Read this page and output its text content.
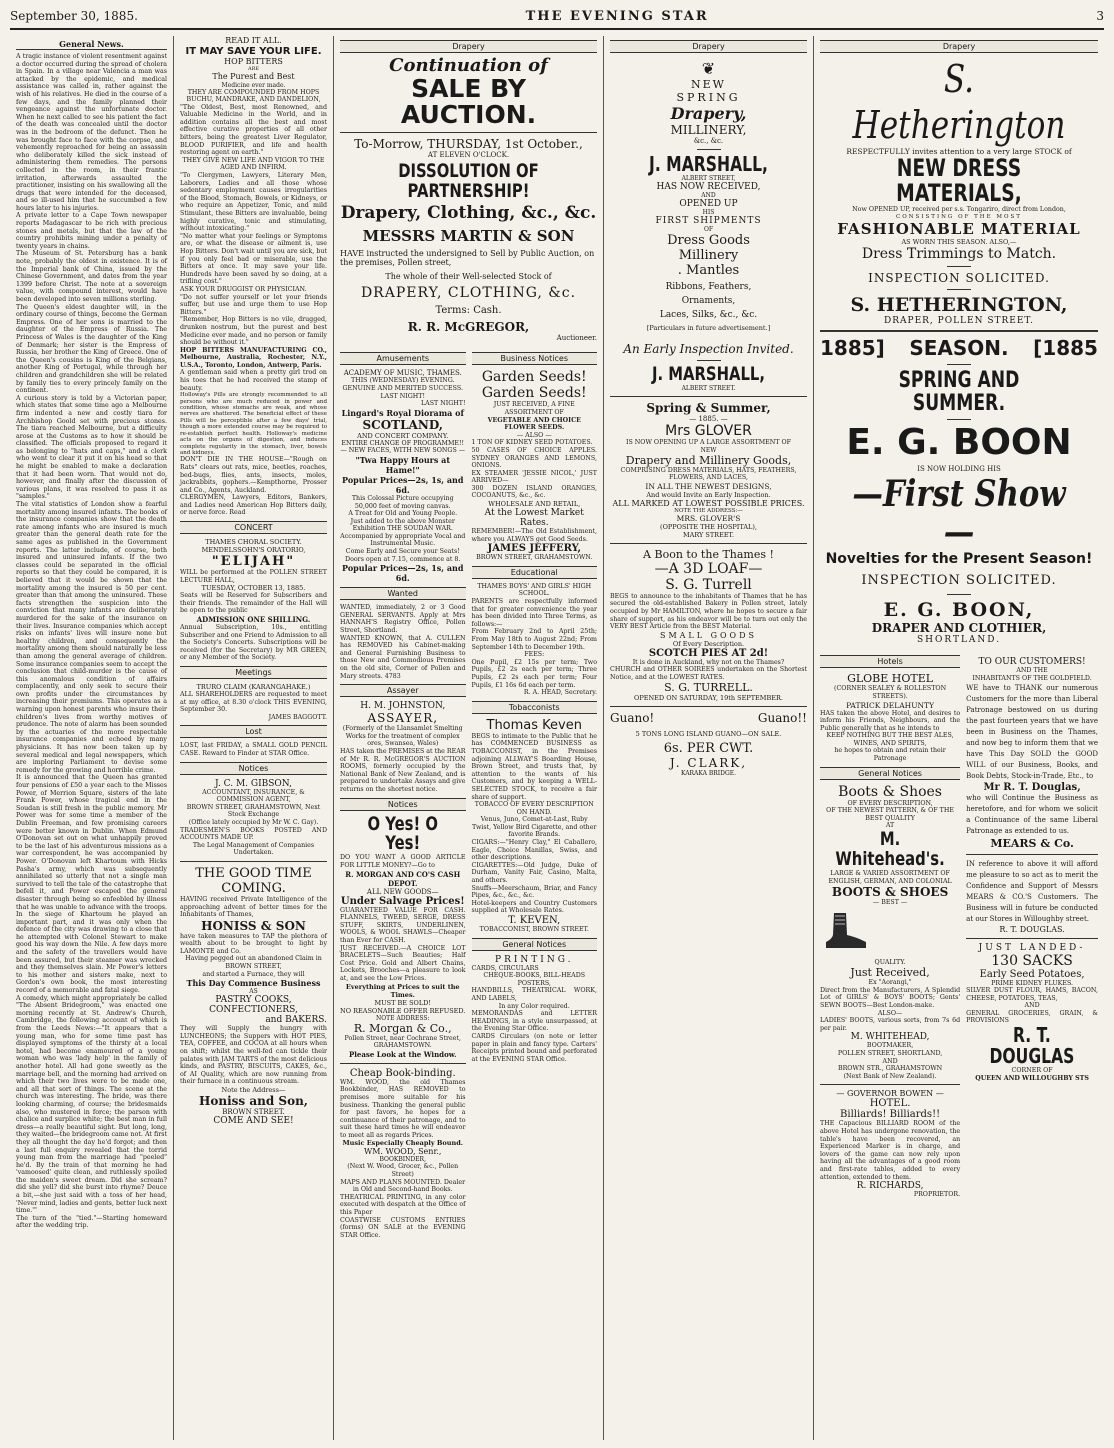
September 30, 1885.	THE EVENING STAR	3
General News.

A tragic instance of violent resentment against a doctor occurred during the spread of cholera in Spain. In a village near Valencia a man was attacked by the epidemic, and medical assistance was called in, rather against the wish of his relatives. He died in the course of a few days, and the family planned their vengeance against the unfortunate doctor. When he next called to see his patient the fact of the death was concealed until the doctor was in the bedroom of the defunct. Then he was brought face to face with the corpse, and vehemently reproached for being an assassin who deliberately killed the sick instead of administering them remedies. The persons collected in the room, in their frantic irritation, afterwards assaulted the practitioner, insisting on his swallowing all the drugs that were intended for the deceased, and so ill-used him that he succumbed a few hours later to his injuries.

A private letter to a Cape Town newspaper reports Madagascar to be rich with precious stones and metals, but that the law of the country prohibits mining under a penalty of twenty years in chains.

The Museum of St. Petersburg has a bank note, probably the oldest in existence. It is of the Imperial bank of China, issued by the Chinese Government, and dates from the year 1399 before Christ. The note at a sovereign value, with compound interest, would have been developed into seven millions sterling.

The Queen's eldest daughter will, in the ordinary course of things, become the German Empress. One of her sons is married to the daughter of the Empress of Russia. The Princess of Wales is the daughter of the King of Denmark; her sister is the Empress of Russia, her brother the King of Greece. One of the Queen's cousins is King of the Belgians, another King of Portugal, while through her children and grandchildren she will be related by family ties to every princely family on the continent.

A curious story is told by a Victorian paper, which states that some time ago a Melbourne firm indented a new and costly tiara for Archbishop Goold set with precious stones. The tiara reached Melbourne, but a difficulty arose at the Customs as to how it should be classified. The officials proposed to regard it as belonging to "hats and caps," and a clerk who went to clear it put it on his head so that he might be enabled to make a declaration that it had been worn. That would not do, however, and finally after the discussion of various plans, it was resolved to pass it as "samples."

The vital statistics of London show a fearful mortality among insured infants. The books of the insurance companies show that the death rate among infants who are insured is much greater than the general death rate for the same ages as published in the Government reports. The latter include, of course, both insured and uninsured infants. If the two classes could be separated in the official reports so that they could be compared, it is believed that it would be shown that the mortality among the insured is 50 per cent. greater than that among the uninsured. These facts strengthen the suspicion into the conviction that many infants are deliberately murdered for the sake of the insurance on their lives. Insurance companies which accept risks on infants' lives will insure none but healthy children, and consequently the mortality among them should naturally be less than among the general average of children. Some insurance companies seem to accept the conclusion that child-murder is the cause of this anomalous condition of affairs complacently, and only seek to secure their own profits under the circumstances by increasing their premiums. This operates as a warning upon honest parents who insure their children's lives from worthy motives of prudence. The note of alarm has been sounded by the actuaries of the more respectable insurance companies and echoed by many physicians. It has now been taken up by several medical and legal newspapers, which are imploring Parliament to devise some remedy for the growing and horrible crime.

It is announced that the Queen has granted four pensions of £50 a year each to the Misses Power, of Merrion Square, sisters of the late Frank Power, whose tragical end in the Soudan is still fresh in the public memory. Mr Power was for some time a member of the Dublin Freeman, and few promising careers were better known in Dublin. When Edmund O'Donovan set out on what unhappily proved to be the last of his adventurous missions as a war correspondent, he was accompanied by Power. O'Donovan left Khartoum with Hicks Pasha's army, which was subsequently annihilated so utterly that not a single man survived to tell the tale of the catastrophe that befell it, and Power escaped the general disaster through being so enfeebled by illness that he was unable to advance with the troops. In the siege of Khartoum he played an important part, and it was only when the defence of the city was drawing to a close that he attempted with Colonel Stewart to make good his way down the Nile. A few days more and the safety of the travellers would have been assured, but their steamer was wrecked and they themselves slain. Mr Power's letters to his mother and sisters make, next to Gordon's own book, the most interesting record of a memorable and fatal siege.

A comedy, which might appropriately be called "The Absent Bridegroom," was enacted one morning recently at St. Andrew's Church, Cambridge, the following account of which is from the Leeds News:—"It appears that a young man, who for some time past has displayed symptoms of the thirsty at a local hotel, had become enamoured of a young woman who was 'lady help' in the family of another hotel. All had gone sweetly as the marriage bell, and the morning had arrived on which their two lives were to be made one, and all that sort of things. The scene at the church was interesting. The bride, was there looking charming, of course; the bridesmaids also, who mustered in force; the parson with chalice and surplice white; the best man in full dress—a really beautiful sight. But long, long, they waited—the bridegroom came not. At first they all thought the day he'd forgot; and then a last full enquiry revealed that the torrid young man from the marriage had "peeled" he'd. By the train of that morning he had 'vamoosed' quite clean, and ruthlessly spoiled the maiden's sweet dream. Did she scream? did she yell? did she burst into rhyme? Deuce a bit,—she just said with a toss of her head, 'Never mind, ladies and gents, better luck next time.'"

The turn of the "tied."—Starting homeward after the wedding trip.

READ IT ALL.
IT MAY SAVE YOUR LIFE.
HOP BITTERS
ARE
The Purest and Best
Medicine ever made.

THEY ARE COMPOUNDED FROM HOPS BUCHU, MANDRAKE, AND DANDELION,

"The Oldest, Best, most Renowned, and Valuable Medicine in the World, and in addition contains all the best and most effective curative properties of all other bitters, being the greatest Liver Regulator, BLOOD PURIFIER, and life and health restoring agent on earth."

THEY GIVE NEW LIFE AND VIGOR TO THE AGED AND INFIRM.

"To Clergymen, Lawyers, Literary Men, Laborers, Ladies and all those whose sedentary employment causes irregularities of the Blood, Stomach, Bowels, or Kidneys, or who require an Appetizer, Tonic, and mild Stimulant, these Bitters are invaluable, being highly curative, tonic and stimulating, without intoxicating."

"No matter what your feelings or Symptoms are, or what the disease or ailment is, use Hop Bitters. Don't wait until you are sick, but if you only feel bad or miserable, use the Bitters at once. It may save your life. Hundreds have been saved by so doing, at a trifling cost."

ASK YOUR DRUGGIST OR PHYSICIAN.

"Do not suffer yourself or let your friends suffer, but use and urge them to use Hop Bitters."

"Remember, Hop Bitters is no vile, drugged, drunken nostrum, but the purest and best Medicine ever made, and no person or family should be without it."

HOP BITTERS MANUFACTURING CO., Melbourne, Australia, Rochester, N.Y., U.S.A., Toronto, London, Antwerp, Paris.

A gentleman said when a pretty girl trod on his toes that he had received the stamp of beauty.

Holloway's Pills are strongly recommended to all persons who are much reduced in power and condition, whose stomachs are weak, and whose nerves are shattered. The beneficial effect of these Pills will be perceptible after a few days' trial, though a more extended course may be required to re-establish perfect health. Holloway's medicine acts on the organs of digestion, and induces complete regularity in the stomach, liver, bowels and kidneys.

DON'T DIE IN THE HOUSE—"Rough on Rats" clears out rats, mice, beetles, roaches, bed-bugs, flies, ants, insects, moles, jackrabbits, gophers.—Kempthorne, Prosser and Co., Agents, Auckland.

CLERGYMEN, Lawyers, Editors, Bankers, and Ladies need American Hop Bitters daily, or nerve force. Read

CONCERT
THAMES CHORAL SOCIETY.
MENDELSSOHN'S ORATORIO,
"ELIJAH"

WILL be performed at the POLLEN STREET LECTURE HALL,

TUESDAY, OCTOBER 13, 1885.

Seats will be Reserved for Subscribers and their friends. The remainder of the Hall will be open to the public

ADMISSION ONE SHILLING.

Annual Subscription, 10s., entitling Subscriber and one Friend to Admission to all the Society's Concerts. Subscriptions will be received (for the Secretary) by MR GREEN, or any Member of the Society.

Meetings
TRURO CLAIM (KARANGAHAKE.)

ALL SHAREHOLDERS are requested to meet at my office, at 8.30 o'clock THIS EVENING, September 30.

JAMES BAGGOTT.
Lost

LOST, last FRIDAY, a SMALL GOLD PENCIL CASE. Reward to Finder at STAR Office.

Notices
J. C. M. GIBSON,
ACCOUNTANT, INSURANCE, & COMMISSION AGENT,
BROWN STREET, GRAHAMSTOWN, Next Stock Exchange
(Office lately occupied by Mr W. C. Gay).

TRADESMEN'S BOOKS POSTED AND ACCOUNTS MADE UP.

The Legal Management of Companies Undertaken.
THE GOOD TIME
COMING.

HAVING received Private Intelligence of the approaching advent of better times for the Inhabitants of Thames,

HONISS & SON

have taken measures to TAP the plethora of wealth about to be brought to light by LAMONTE and Co.

Having pegged out an abandoned Claim in BROWN STREET,

and started a Furnace, they will

This Day Commence Business
AS
PASTRY COOKS,
CONFECTIONERS,
and BAKERS.

They will Supply the hungry with LUNCHEONS; the Suppers with HOT PIES, TEA, COFFEE, and COCOA at all hours when on shift; whilst the well-fed can tickle their palates with JAM TARTS of the most delicious kinds, and PASTRY, BISCUITS, CAKES, &c., of AI Quality, which are now running from their furnace in a continuous stream.

Note the Address—
Honiss and Son,
BROWN STREET.
COME AND SEE!
Drapery
Continuation of
SALE BY AUCTION.
To-Morrow, THURSDAY, 1st October.,
AT ELEVEN O'CLOCK.
DISSOLUTION OF PARTNERSHIP!
Drapery, Clothing, &c., &c.
MESSRS MARTIN & SON

HAVE instructed the undersigned to Sell by Public Auction, on the premises, Pollen street,

The whole of their Well-selected Stock of
DRAPERY, CLOTHING, &c.
Terms: Cash.
R. R. McGREGOR,
Auctioneer.
Amusements
ACADEMY OF MUSIC, THAMES.

THIS (WEDNESDAY) EVENING. GENUINE AND MERITED SUCCESS. LAST NIGHT!

LAST NIGHT!
Lingard's Royal Diorama of
SCOTLAND,
AND CONCERT COMPANY.

ENTIRE CHANGE OF PROGRAMME!! — NEW FACES, WITH NEW SONGS —

"Twa Happy Hours at Hame!"
Popular Prices—2s, 1s, and 6d.

This Colossal Picture occupying 50,000 feet of moving canvas.

A Treat for Old and Young People.

Just added to the above Monster Exhibition THE SOUDAN WAR.

Accompanied by appropriate Vocal and Instrumental Music.

Come Early and Secure your Seats! Doors open at 7.15, commence at 8.

Popular Prices—2s, 1s, and 6d.
Wanted

WANTED, immediately, 2 or 3 Good GENERAL SERVANTS. Apply at Mrs HANNAH'S Registry Office, Pollen Street, Shortland.

WANTED KNOWN, that A. CULLEN has REMOVED his Cabinet-making and General Furnishing Business to those New and Commodious Premises on the old site, Corner of Pollen and Mary streets. 4783

Assayer
H. M. JOHNSTON,
ASSAYER,

(Formerly of the Llansamlet Smelting Works for the treatment of complex ores, Swansea, Wales)

HAS taken the PREMISES at the REAR of Mr R. R. McGREGOR'S AUCTION ROOMS, formerly occupied by the National Bank of New Zealand, and is prepared to undertake Assays and give returns on the shortest notice.

Notices
O Yes! O Yes!

DO YOU WANT A GOOD ARTICLE FOR LITTLE MONEY?—Go to

R. MORGAN AND CO'S CASH DEPOT.
ALL NEW GOODS—
Under Salvage Prices!

GUARANTEED VALUE FOR CASH. FLANNELS, TWEED, SERGE, DRESS STUFF, SKIRTS, UNDERLINEN, WOOLS, & WOOL SHAWLS—Cheaper than Ever for CASH.

JUST RECEIVED.—A CHOICE LOT BRACELETS—Such Beauties; Half Cost Price. Gold and Albert Chains, Lockets, Brooches—a pleasure to look at, and see the Low Prices.

Everything at Prices to suit the Times.
MUST BE SOLD!
NO REASONABLE OFFER REFUSED.
NOTE ADDRESS:
R. Morgan & Co.,

Pollen Street, near Cochrane Street, GRAHAMSTOWN.

Please Look at the Window.
Cheap Book-binding.

WM. WOOD, the old Thames Bookbinder, HAS REMOVED to premises more suitable for his business. Thanking the general public for past favors, he hopes for a continuance of their patronage, and to suit these hard times he will endeavor to meet all as regards Prices.

Music Especially Cheaply Bound.
WM. WOOD, Senr.,
BOOKBINDER,

(Next W. Wood, Grocer, &c., Pollen Street)

MAPS AND PLANS MOUNTED. Dealer in Old and Second-hand Books.

THEATRICAL PRINTING, in any color executed with despatch at the Office of this Paper

COASTWISE CUSTOMS ENTRIES (forms) ON SALE at the EVENING STAR Office.

Business Notices
Garden Seeds!
Garden Seeds!

JUST RECEIVED, A FINE ASSORTMENT OF

VEGETABLE AND CHOICE FLOWER SEEDS.

— ALSO —

1 TON OF KIDNEY SEED POTATOES.

50 CASES OF CHOICE APPLES. SYDNEY ORANGES AND LEMONS, ONIONS.

EX STEAMER 'JESSIE NICOL,' JUST ARRIVED—

300 DOZEN ISLAND ORANGES, COCOANUTS, &c., &c.

WHOLESALE AND RETAIL,
At the Lowest Market Rates.

REMEMBER!—The Old Establishment, where you ALWAYS get Good Seeds.

JAMES JEFFERY,

BROWN STREET, GRAHAMSTOWN.

Educational

THAMES BOYS' AND GIRLS' HIGH SCHOOL.

PARENTS are respectfully informed that for greater convenience the year has been divided into Three Terms, as follows:—

From February 2nd to April 25th; From May 18th to August 22nd; From September 14th to December 19th.

FEES:

One Pupil, £2 15s per term; Two Pupils, £2 2s each per term; Three Pupils, £2 2s each per term; Four Pupils, £1 16s 6d each per term.

R. A. HEAD, Secretary.

Tobacconists
Thomas Keven

BEGS to intimate to the Public that he has COMMENCED BUSINESS as TOBACCONIST, in the Premises adjoining ALLWAY'S Boarding House, Brown Street, and trusts that, by attention to the wants of his Customers, and by keeping a WELL-SELECTED STOCK, to receive a fair share of support.

TOBACCO OF EVERY DESCRIPTION ON HAND.

Venus, Juno, Comet-at-Last, Ruby Twist, Yellow Bird Cigarette, and other favorite Brands.

CIGARS:—"Henry Clay," El Caballero, Eagle, Choice Manillas, Swiss, and other descriptions.

CIGARETTES:—Old Judge, Duke of Durham, Vanity Fair, Casino, Malta, and others.

Snuffs—Meerschaum, Briar, and Fancy Pipes, &c., &c., &c.

Hotel-keepers and Country Customers supplied at Wholesale Rates.

T. KEVEN,

TOBACCONIST, BROWN STREET.

General Notices
PRINTING.
CARDS, CIRCULARS
CHEQUE-BOOKS, BILL-HEADS
POSTERS,
HANDBILLS, THEATRICAL WORK, AND LABELS,
In any Color required.

MEMORANDAS and LETTER HEADINGS, in a style unsurpassed, at the Evening Star Office.

CARDS Circulars (on note or letter paper in plain and fancy type. Carters' Receipts printed bound and perforated at the EVENING STAR Office.

Drapery
❦
NEW
SPRING
Drapery,
MILLINERY,
&c., &c.
J. MARSHALL,
ALBERT STREET,
HAS NOW RECEIVED,
AND
OPENED UP
HIS
FIRST SHIPMENTS
OF
Dress Goods
Millinery
. Mantles
Ribbons, Feathers,
Ornaments,
Laces, Silks, &c., &c.
[Particulars in future advertisement.]
An Early Inspection Invited.
J. MARSHALL,
ALBERT STREET.
Spring & Summer,
— 1885. —
Mrs GLOVER

IS NOW OPENING UP A LARGE ASSORTMENT OF

NEW
Drapery and Millinery Goods,

COMPRISING DRESS MATERIALS, HATS, FEATHERS, FLOWERS, AND LACES,

IN ALL THE NEWEST DESIGNS,
And would Invite an Early Inspection.
ALL MARKED AT LOWEST POSSIBLE PRICES.
NOTE THE ADDRESS:—
MRS. GLOVER'S
(OPPOSITE THE HOSPITAL),
MARY STREET.
A Boon to the Thames !
—A 3D LOAF—
S. G. Turrell

BEGS to announce to the inhabitants of Thames that he has secured the old-established Bakery in Pollen street, lately occupied by Mr HAMILTON, where he hopes to secure a fair share of support, as his endeavor will be to turn out only the VERY BEST Article from the BEST Material.

SMALL GOODS
Of Every Description.
SCOTCH PIES AT 2d!

It is done in Auckland, why not on the Thames?

CHURCH and OTHER SOIREES undertaken on the Shortest Notice, and at the LOWEST RATES.

S. G. TURRELL.
OPENED ON SATURDAY, 19th SEPTEMBER.
Guano!	Guano!!
5 TONS LONG ISLAND GUANO—ON SALE.
6s. PER CWT.
J. CLARK,
KARAKA BRIDGE.
Drapery
S. Hetherington

RESPECTFULLY invites attention to a very large STOCK of

NEW DRESS MATERIALS,

Now OPENED UP, received per s.s. Tongariro, direct from London,

CONSISTING OF THE MOST
FASHIONABLE MATERIAL
AS WORN THIS SEASON. ALSO,—
Dress Trimmings to Match.
INSPECTION SOLICITED.
S. HETHERINGTON,
DRAPER, POLLEN STREET.
1885] SEASON. [1885
SPRING AND SUMMER.
E. G. BOON
IS NOW HOLDING HIS
—First Show—
Novelties for the Present Season!
INSPECTION SOLICITED.
E. G. BOON,
DRAPER AND CLOTHIER,
SHORTLAND.
Hotels
GLOBE HOTEL
(CORNER SEALEY & ROLLESTON STREETS).
PATRICK DELAHUNTY

HAS taken the above Hotel, and desires to inform his Friends, Neighbours, and the Public generally that as he intends to

KEEP NOTHING BUT THE BEST ALES, WINES, AND SPIRITS,

he hopes to obtain and retain their Patronage

General Notices
Boots & Shoes
OF EVERY DESCRIPTION,
OF THE NEWEST PATTERN, & OF THE BEST QUALITY
AT
M. Whitehead's.

LARGE & VARIED ASSORTMENT OF ENGLISH, GERMAN, AND COLONIAL

BOOTS & SHOES
— BEST —
QUALITY.
Just Received,
Ex "Aorangi,"

Direct from the Manufacturers, A Splendid Lot of GIRLS' & BOYS' BOOTS; Gents' SEWN BOOTS—Best London-make.

ALSO—

LADIES' BOOTS, various sorts, from 7s 6d per pair.

M. WHITEHEAD,
BOOTMAKER,
POLLEN STREET, SHORTLAND,
AND
BROWN STR., GRAHAMSTOWN
(Next Bank of New Zealand).
— GOVERNOR BOWEN —
HOTEL.
Billiards! Billiards!!

THE Capacious BILLIARD ROOM of the above Hotel has undergone renovation, the table's have been recovered, an Experienced Marker is in charge, and lovers of the game can now rely upon having all the advantages of a good room and first-rate tables, added to every attention, extended to them.

R. RICHARDS,
PROPRIETOR.
TO OUR CUSTOMERS!
AND THE
INHABITANTS OF THE GOLDFIELD.

WE have to THANK our numerous Customers for the more than Liberal Patronage bestowed on us during the past fourteen years that we have been in Business on the Thames, and now beg to inform them that we have This Day SOLD the GOOD WILL of our Business, Books, and Book Debts, Stock-in-Trade, Etc., to

Mr R. T. Douglas,

who will Continue the Business as heretofore, and for whom we solicit a Continuance of the same Liberal Patronage as extended to us.

MEARS & Co.

IN reference to above it will afford me pleasure to so act as to merit the Confidence and Support of Messrs MEARS & CO.'S Customers. The Business will in future be conducted at our Stores in Willoughby street.

R. T. DOUGLAS.
JUST LANDED-
130 SACKS
Early Seed Potatoes,
PRIME KIDNEY FLUKES.

SILVER DUST FLOUR, HAMS, BACON, CHEESE, POTATOES, TEAS,

AND

GENERAL GROCERIES, GRAIN, & PROVISIONS

R. T. DOUGLAS
CORNER OF
QUEEN AND WILLOUGHBY STS
